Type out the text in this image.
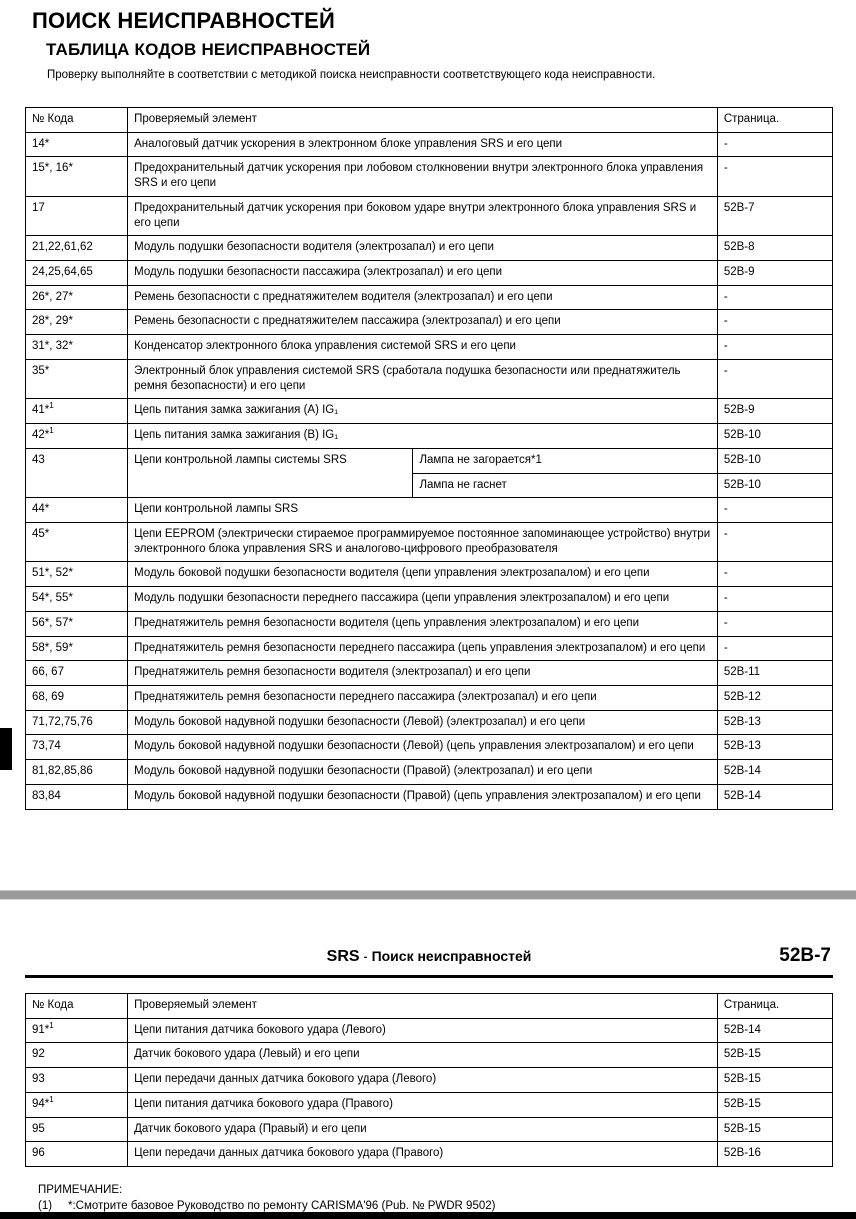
ПОИСК НЕИСПРАВНОСТЕЙ
ТАБЛИЦА КОДОВ НЕИСПРАВНОСТЕЙ
Проверку выполняйте в соответствии с методикой поиска неисправности соответствующего кода неисправности.
№ Кода	Проверяемый элемент		Страница.
14*	Аналоговый датчик ускорения в электронном блоке управления SRS и его цепи		-
15*, 16*	Предохранительный датчик ускорения при лобовом столкновении внутри электронного блока управления SRS и его цепи		-
17	Предохранительный датчик ускорения при боковом ударе внутри электронного блока управления SRS и его цепи		52B-7
21,22,61,62	Модуль подушки безопасности водителя (электрозапал) и его цепи		52B-8
24,25,64,65	Модуль подушки безопасности пассажира (электрозапал) и его цепи		52B-9
26*, 27*	Ремень безопасности с преднатяжителем водителя (электрозапал) и его цепи		-
28*, 29*	Ремень безопасности с преднатяжителем пассажира (электрозапал) и его цепи		-
31*, 32*	Конденсатор электронного блока управления системой SRS и его цепи		-
35*	Электронный блок управления системой SRS (сработала подушка безопасности или преднатяжитель ремня безопасности) и его цепи		-
41*$^1$	Цепь питания замка зажигания (A) IG₁		52B-9
42*$^1$	Цепь питания замка зажигания (B) IG₁		52B-10
43	Цепи контрольной лампы системы SRS	Лампа не загорается*1	52B-10
		Лампа не гаснет	52B-10
44*	Цепи контрольной лампы SRS		-
45*	Цепи EEPROM (электрически стираемое программируемое постоянное запоминающее устройство) внутри электронного блока управления SRS и аналогово-цифрового преобразователя		-
51*, 52*	Модуль боковой подушки безопасности водителя (цепи управления электрозапалом) и его цепи		-
54*, 55*	Модуль подушки безопасности переднего пассажира (цепи управления электрозапалом) и его цепи		-
56*, 57*	Преднатяжитель ремня безопасности водителя (цепь управления электрозапалом) и его цепи		-
58*, 59*	Преднатяжитель ремня безопасности переднего пассажира (цепь управления электрозапалом) и его цепи		-
66, 67	Преднатяжитель ремня безопасности водителя (электрозапал) и его цепи		52B-11
68, 69	Преднатяжитель ремня безопасности переднего пассажира (электрозапал) и его цепи		52B-12
71,72,75,76	Модуль боковой надувной подушки безопасности (Левой) (электрозапал) и его цепи		52B-13
73,74	Модуль боковой надувной подушки безопасности (Левой) (цепь управления электрозапалом) и его цепи		52B-13
81,82,85,86	Модуль боковой надувной подушки безопасности (Правой) (электрозапал) и его цепи		52B-14
83,84	Модуль боковой надувной подушки безопасности (Правой) (цепь управления электрозапалом) и его цепи		52B-14
SRS - Поиск неисправностей	52B-7
№ Кода	Проверяемый элемент	Страница.
91*$^1$	Цепи питания датчика бокового удара (Левого)	52B-14
92	Датчик бокового удара (Левый) и его цепи	52B-15
93	Цепи передачи данных датчика бокового удара (Левого)	52B-15
94*$^1$	Цепи питания датчика бокового удара (Правого)	52B-15
95	Датчик бокового удара (Правый) и его цепи	52B-15
96	Цепи передачи данных датчика бокового удара (Правого)	52B-16
ПРИМЕЧАНИЕ:
(1) *:Смотрите базовое Руководство по ремонту CARISMA'96 (Pub. № PWDR 9502)
